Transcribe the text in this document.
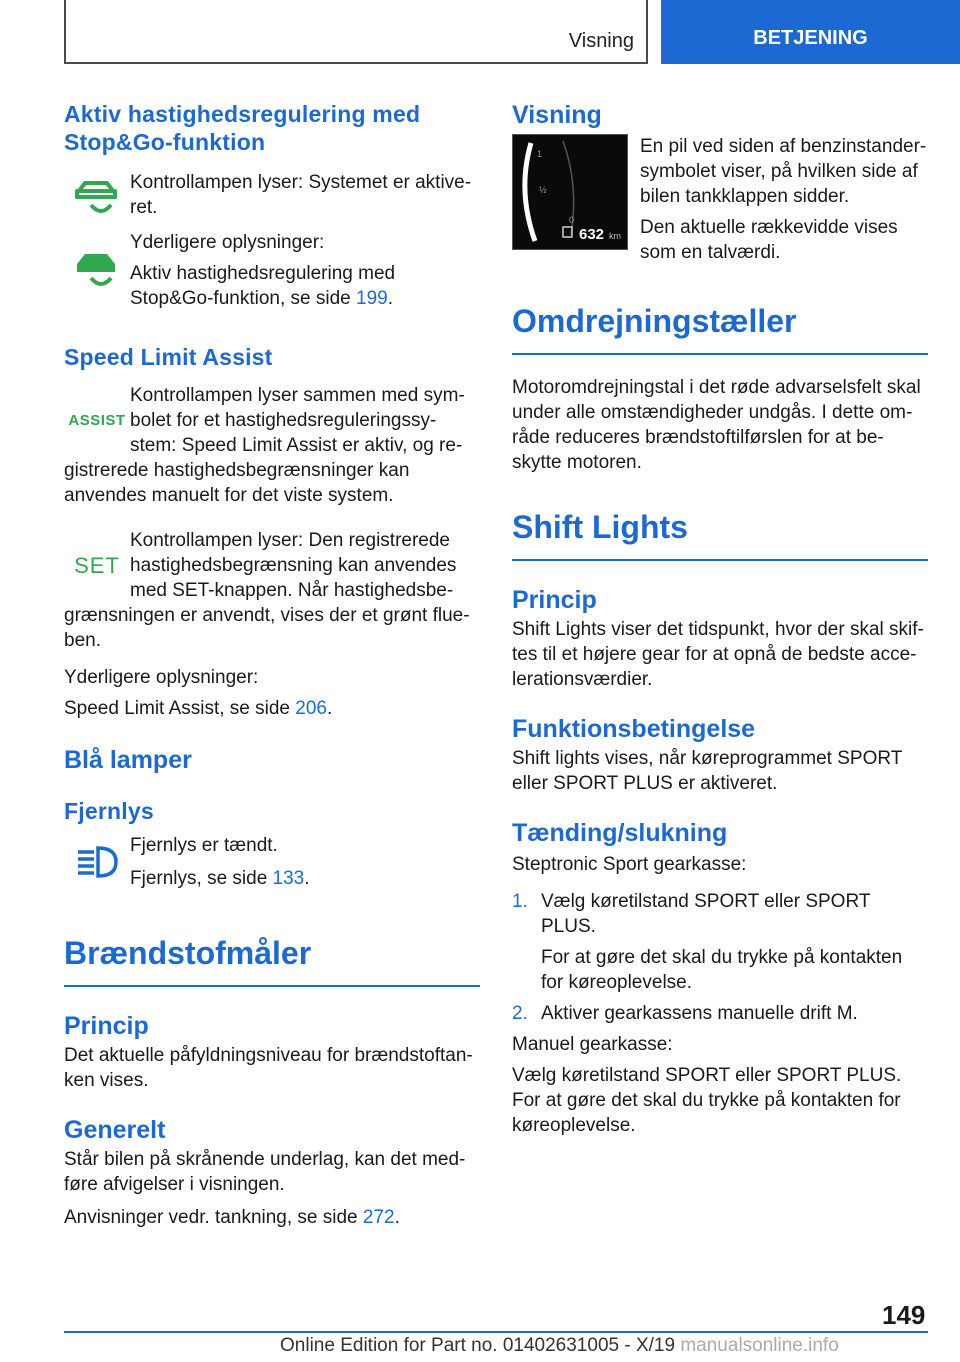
Visning	BETJENING
Aktiv hastighedsregulering med Stop&Go-funktion

Kontrollampen lyser: Systemet er aktive-ret.

Yderligere oplysninger:

Aktiv hastighedsregulering med Stop&Go-funktion, se side 199.

Speed Limit Assist
ASSIST

Kontrollampen lyser sammen med sym-bolet for et hastighedsreguleringssy-stem: Speed Limit Assist er aktiv, og re-

gistrerede hastighedsbegrænsninger kan anvendes manuelt for det viste system.

SET

Kontrollampen lyser: Den registrerede hastighedsbegrænsning kan anvendes med SET-knappen. Når hastighedsbe-

grænsningen er anvendt, vises der et grønt flue-ben.

Yderligere oplysninger:

Speed Limit Assist, se side 206.

Blå lamper
Fjernlys

Fjernlys er tændt.

Fjernlys, se side 133.

Brændstofmåler
Princip

Det aktuelle påfyldningsniveau for brændstoftan-ken vises.

Generelt

Står bilen på skrånende underlag, kan det med-føre afvigelser i visningen.

Anvisninger vedr. tankning, se side 272.

Visning
1
½
0
632 km

En pil ved siden af benzinstander-symbolet viser, på hvilken side af bilen tankklappen sidder.

Den aktuelle rækkevidde vises som en talværdi.

Omdrejningstæller

Motoromdrejningstal i det røde advarselsfelt skal under alle omstændigheder undgås. I dette om-råde reduceres brændstoftilførslen for at be-skytte motoren.

Shift Lights
Princip

Shift Lights viser det tidspunkt, hvor der skal skif-tes til et højere gear for at opnå de bedste acce-lerationsværdier.

Funktionsbetingelse

Shift lights vises, når køreprogrammet SPORT eller SPORT PLUS er aktiveret.

Tænding/slukning

Steptronic Sport gearkasse:

1. Vælg køretilstand SPORT eller SPORT PLUS.

For at gøre det skal du trykke på kontakten for køreoplevelse.

2. Aktiver gearkassens manuelle drift M.

Manuel gearkasse:

Vælg køretilstand SPORT eller SPORT PLUS. For at gøre det skal du trykke på kontakten for køreoplevelse.

149
Online Edition for Part no. 01402631005 - X/19 manualsonline.info
